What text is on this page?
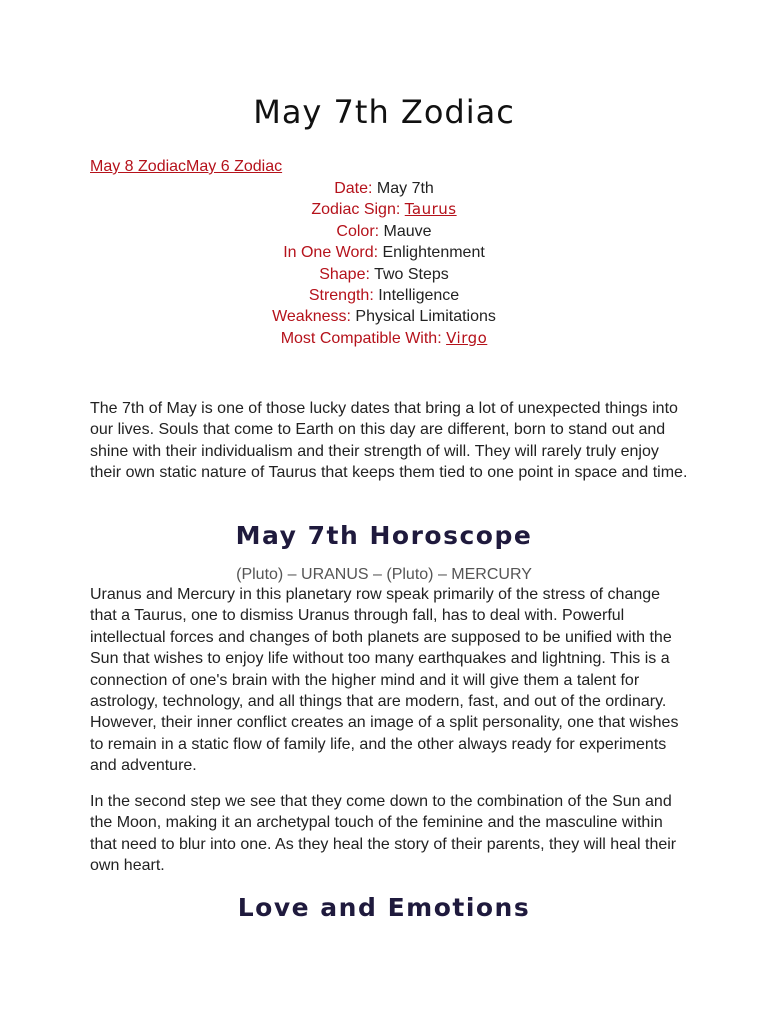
May 7th Zodiac
May 8 ZodiacMay 6 Zodiac
Date: May 7th
Zodiac Sign: Taurus
Color: Mauve
In One Word: Enlightenment
Shape: Two Steps
Strength: Intelligence
Weakness: Physical Limitations
Most Compatible With: Virgo

The 7th of May is one of those lucky dates that bring a lot of unexpected things into our lives. Souls that come to Earth on this day are different, born to stand out and shine with their individualism and their strength of will. They will rarely truly enjoy their own static nature of Taurus that keeps them tied to one point in space and time.

May 7th Horoscope
(Pluto) – URANUS – (Pluto) – MERCURY

Uranus and Mercury in this planetary row speak primarily of the stress of change that a Taurus, one to dismiss Uranus through fall, has to deal with. Powerful intellectual forces and changes of both planets are supposed to be unified with the Sun that wishes to enjoy life without too many earthquakes and lightning. This is a connection of one's brain with the higher mind and it will give them a talent for astrology, technology, and all things that are modern, fast, and out of the ordinary. However, their inner conflict creates an image of a split personality, one that wishes to remain in a static flow of family life, and the other always ready for experiments and adventure.

In the second step we see that they come down to the combination of the Sun and the Moon, making it an archetypal touch of the feminine and the masculine within that need to blur into one. As they heal the story of their parents, they will heal their own heart.

Love and Emotions
